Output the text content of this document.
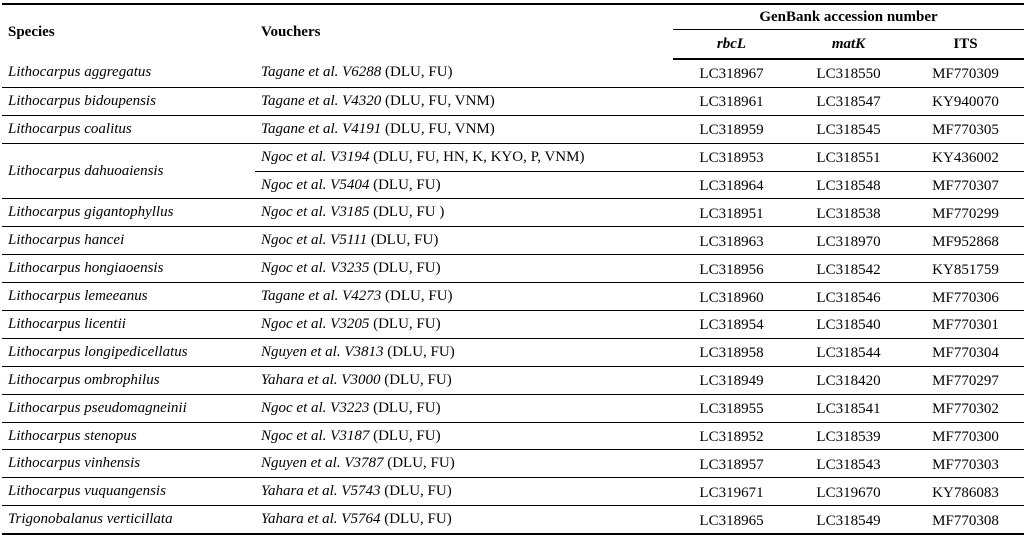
Species	Vouchers	GenBank accession number		
		rbcL	matK	ITS
Lithocarpus aggregatus	Tagane et al. V6288 (DLU, FU)	LC318967	LC318550	MF770309
Lithocarpus bidoupensis	Tagane et al. V4320 (DLU, FU, VNM)	LC318961	LC318547	KY940070
Lithocarpus coalitus	Tagane et al. V4191 (DLU, FU, VNM)	LC318959	LC318545	MF770305
Lithocarpus dahuoaiensis	Ngoc et al. V3194 (DLU, FU, HN, K, KYO, P, VNM)	LC318953	LC318551	KY436002
	Ngoc et al. V5404 (DLU, FU)	LC318964	LC318548	MF770307
Lithocarpus gigantophyllus	Ngoc et al. V3185 (DLU, FU )	LC318951	LC318538	MF770299
Lithocarpus hancei	Ngoc et al. V5111 (DLU, FU)	LC318963	LC318970	MF952868
Lithocarpus hongiaoensis	Ngoc et al. V3235 (DLU, FU)	LC318956	LC318542	KY851759
Lithocarpus lemeeanus	Tagane et al. V4273 (DLU, FU)	LC318960	LC318546	MF770306
Lithocarpus licentii	Ngoc et al. V3205 (DLU, FU)	LC318954	LC318540	MF770301
Lithocarpus longipedicellatus	Nguyen et al. V3813 (DLU, FU)	LC318958	LC318544	MF770304
Lithocarpus ombrophilus	Yahara et al. V3000 (DLU, FU)	LC318949	LC318420	MF770297
Lithocarpus pseudomagneinii	Ngoc et al. V3223 (DLU, FU)	LC318955	LC318541	MF770302
Lithocarpus stenopus	Ngoc et al. V3187 (DLU, FU)	LC318952	LC318539	MF770300
Lithocarpus vinhensis	Nguyen et al. V3787 (DLU, FU)	LC318957	LC318543	MF770303
Lithocarpus vuquangensis	Yahara et al. V5743 (DLU, FU)	LC319671	LC319670	KY786083
Trigonobalanus verticillata	Yahara et al. V5764 (DLU, FU)	LC318965	LC318549	MF770308
